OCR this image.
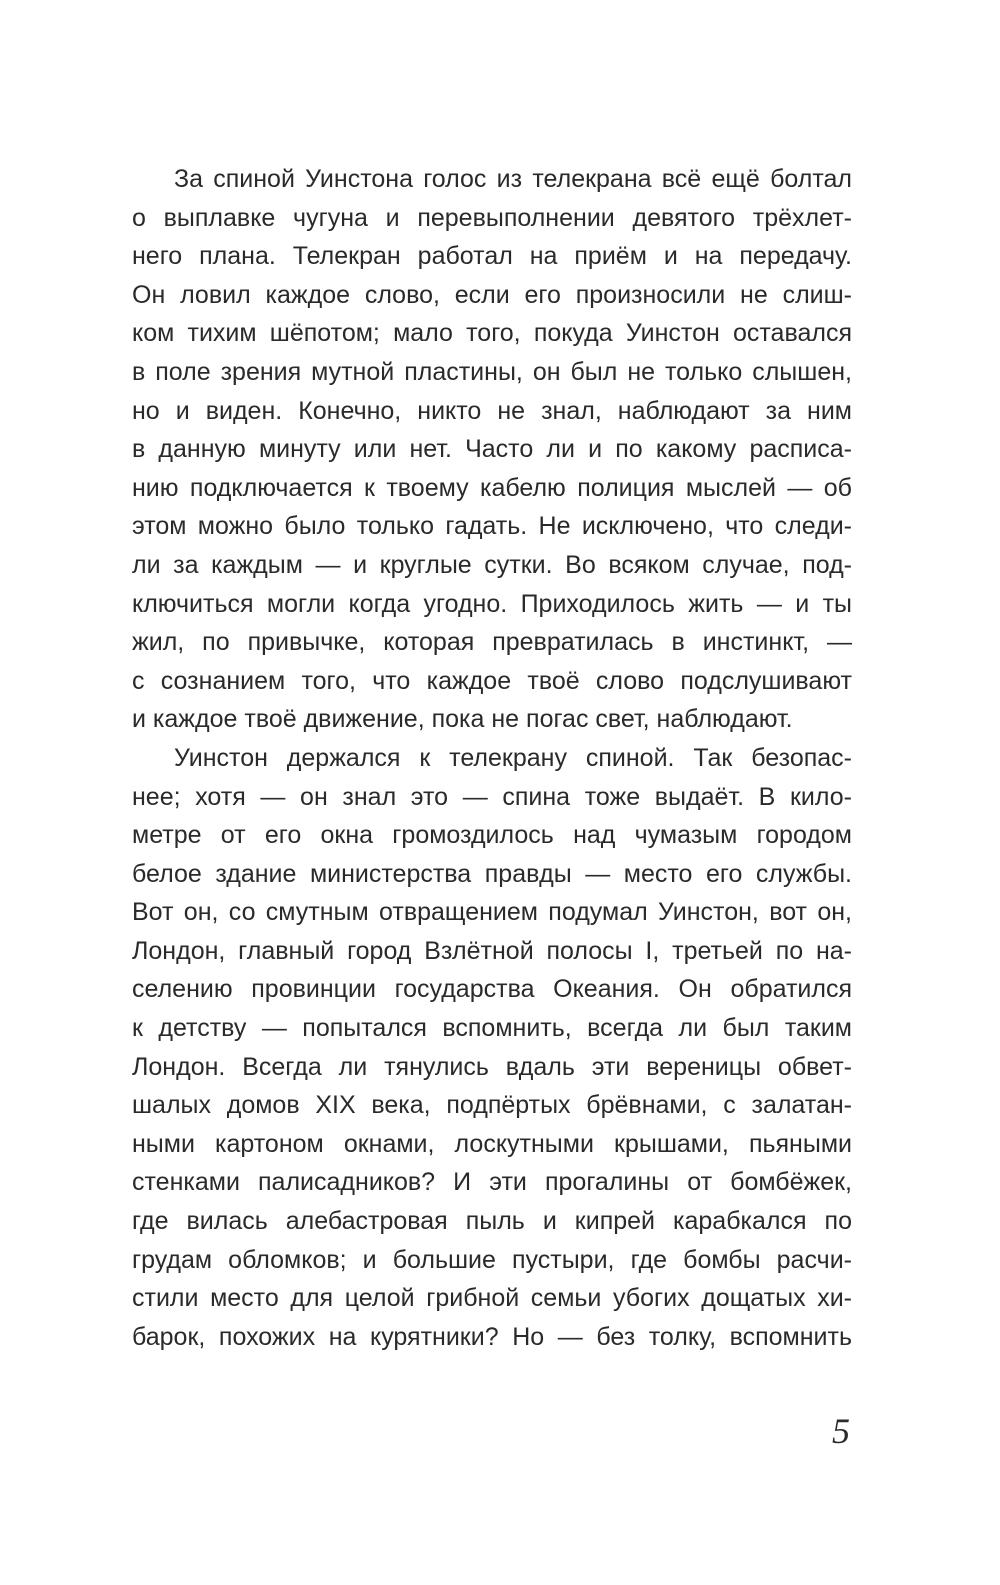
За спиной Уинстона голос из телекрана всё ещё болтал
о выплавке чугуна и перевыполнении девятого трёхлет-
него плана. Телекран работал на приём и на передачу.
Он ловил каждое слово, если его произносили не слиш-
ком тихим шёпотом; мало того, покуда Уинстон оставался
в поле зрения мутной пластины, он был не только слышен,
но и виден. Конечно, никто не знал, наблюдают за ним
в данную минуту или нет. Часто ли и по какому расписа-
нию подключается к твоему кабелю полиция мыслей — об
этом можно было только гадать. Не исключено, что следи-
ли за каждым — и круглые сутки. Во всяком случае, под-
ключиться могли когда угодно. Приходилось жить — и ты
жил, по привычке, которая превратилась в инстинкт, —
с сознанием того, что каждое твоё слово подслушивают
и каждое твоё движение, пока не погас свет, наблюдают.
Уинстон держался к телекрану спиной. Так безопас-
нее; хотя — он знал это — спина тоже выдаёт. В кило-
метре от его окна громоздилось над чумазым городом
белое здание министерства правды — место его службы.
Вот он, со смутным отвращением подумал Уинстон, вот он,
Лондон, главный город Взлётной полосы I, третьей по на-
селению провинции государства Океания. Он обратился
к детству — попытался вспомнить, всегда ли был таким
Лондон. Всегда ли тянулись вдаль эти вереницы обвет-
шалых домов XIX века, подпёртых брёвнами, с залатан-
ными картоном окнами, лоскутными крышами, пьяными
стенками палисадников? И эти прогалины от бомбёжек,
где вилась алебастровая пыль и кипрей карабкался по
грудам обломков; и большие пустыри, где бомбы расчи-
стили место для целой грибной семьи убогих дощатых хи-
барок, похожих на курятники? Но — без толку, вспомнить
5
